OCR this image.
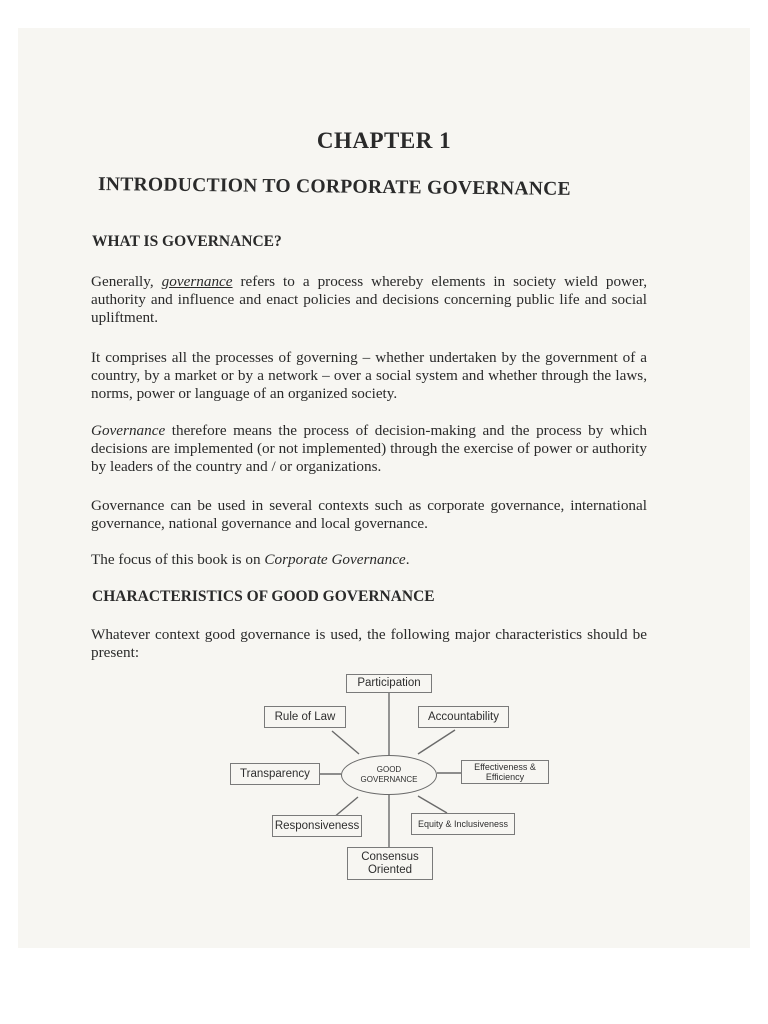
CHAPTER 1
INTRODUCTION TO CORPORATE GOVERNANCE
WHAT IS GOVERNANCE?

Generally, governance refers to a process whereby elements in society wield power, authority and influence and enact policies and decisions concerning public life and social upliftment.

It comprises all the processes of governing – whether undertaken by the government of a country, by a market or by a network – over a social system and whether through the laws, norms, power or language of an organized society.

Governance therefore means the process of decision-making and the process by which decisions are implemented (or not implemented) through the exercise of power or authority by leaders of the country and / or organizations.

Governance can be used in several contexts such as corporate governance, international governance, national governance and local governance.

The focus of this book is on Corporate Governance.

CHARACTERISTICS OF GOOD GOVERNANCE

Whatever context good governance is used, the following major characteristics should be present:

GOOD
GOVERNANCE
Participation
Accountability
Effectiveness &
Efficiency
Equity & Inclusiveness
Consensus
Oriented
Responsiveness
Transparency
Rule of Law
